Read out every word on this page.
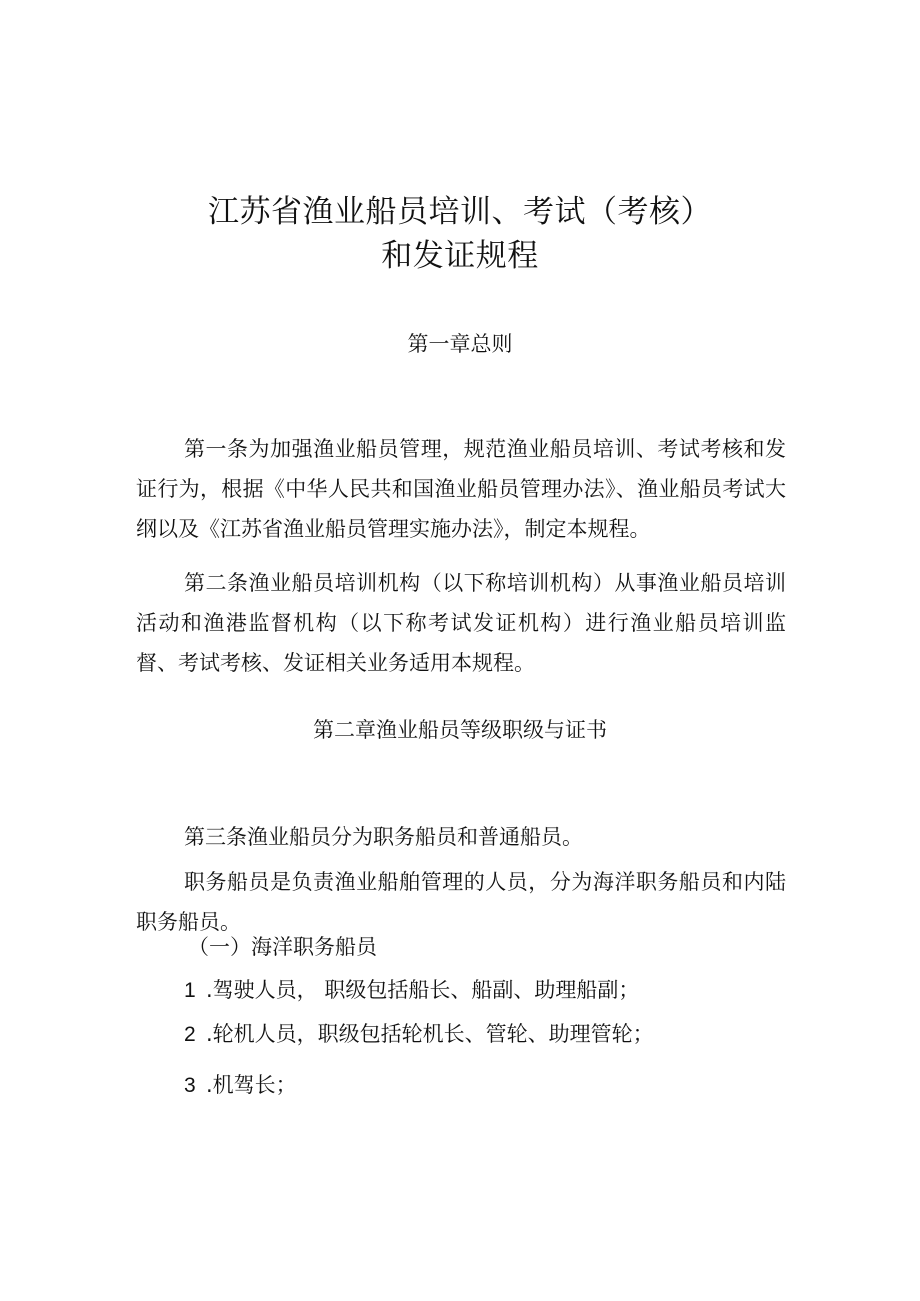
江苏省渔业船员培训、考试（考核）
和发证规程
第一章总则

第一条为加强渔业船员管理，规范渔业船员培训、考试考核和发证行为，根据《中华人民共和国渔业船员管理办法》、渔业船员考试大纲以及《江苏省渔业船员管理实施办法》，制定本规程。

第二条渔业船员培训机构（以下称培训机构）从事渔业船员培训活动和渔港监督机构（以下称考试发证机构）进行渔业船员培训监督、考试考核、发证相关业务适用本规程。

第二章渔业船员等级职级与证书

第三条渔业船员分为职务船员和普通船员。

职务船员是负责渔业船舶管理的人员，分为海洋职务船员和内陆职务船员。

（一）海洋职务船员
1 .驾驶人员， 职级包括船长、船副、助理船副；
2 .轮机人员，职级包括轮机长、管轮、助理管轮；
3 .机驾长；
